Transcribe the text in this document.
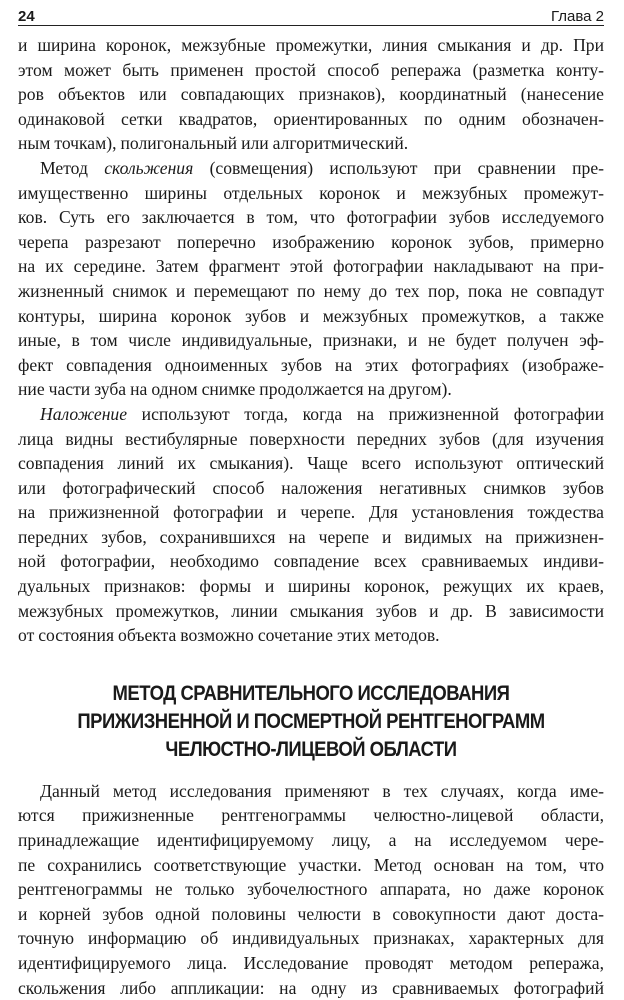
24	Глава 2
и ширина коронок, межзубные промежутки, линия смыкания и др. При
этом может быть применен простой способ репеража (разметка конту-
ров объектов или совпадающих признаков), координатный (нанесение
одинаковой сетки квадратов, ориентированных по одним обозначен-
ным точкам), полигональный или алгоритмический.
Метод скольжения (совмещения) используют при сравнении пре-
имущественно ширины отдельных коронок и межзубных промежут-
ков. Суть его заключается в том, что фотографии зубов исследуемого
черепа разрезают поперечно изображению коронок зубов, примерно
на их середине. Затем фрагмент этой фотографии накладывают на при-
жизненный снимок и перемещают по нему до тех пор, пока не совпадут
контуры, ширина коронок зубов и межзубных промежутков, а также
иные, в том числе индивидуальные, признаки, и не будет получен эф-
фект совпадения одноименных зубов на этих фотографиях (изображе-
ние части зуба на одном снимке продолжается на другом).
Наложение используют тогда, когда на прижизненной фотографии
лица видны вестибулярные поверхности передних зубов (для изучения
совпадения линий их смыкания). Чаще всего используют оптический
или фотографический способ наложения негативных снимков зубов
на прижизненной фотографии и черепе. Для установления тождества
передних зубов, сохранившихся на черепе и видимых на прижизнен-
ной фотографии, необходимо совпадение всех сравниваемых индиви-
дуальных признаков: формы и ширины коронок, режущих их краев,
межзубных промежутков, линии смыкания зубов и др. В зависимости
от состояния объекта возможно сочетание этих методов.
МЕТОД СРАВНИТЕЛЬНОГО ИССЛЕДОВАНИЯ
ПРИЖИЗНЕННОЙ И ПОСМЕРТНОЙ РЕНТГЕНОГРАММ
ЧЕЛЮСТНО-ЛИЦЕВОЙ ОБЛАСТИ
Данный метод исследования применяют в тех случаях, когда име-
ются прижизненные рентгенограммы челюстно-лицевой области,
принадлежащие идентифицируемому лицу, а на исследуемом чере-
пе сохранились соответствующие участки. Метод основан на том, что
рентгенограммы не только зубочелюстного аппарата, но даже коронок
и корней зубов одной половины челюсти в совокупности дают доста-
точную информацию об индивидуальных признаках, характерных для
идентифицируемого лица. Исследование проводят методом репеража,
скольжения либо аппликации: на одну из сравниваемых фотографий
